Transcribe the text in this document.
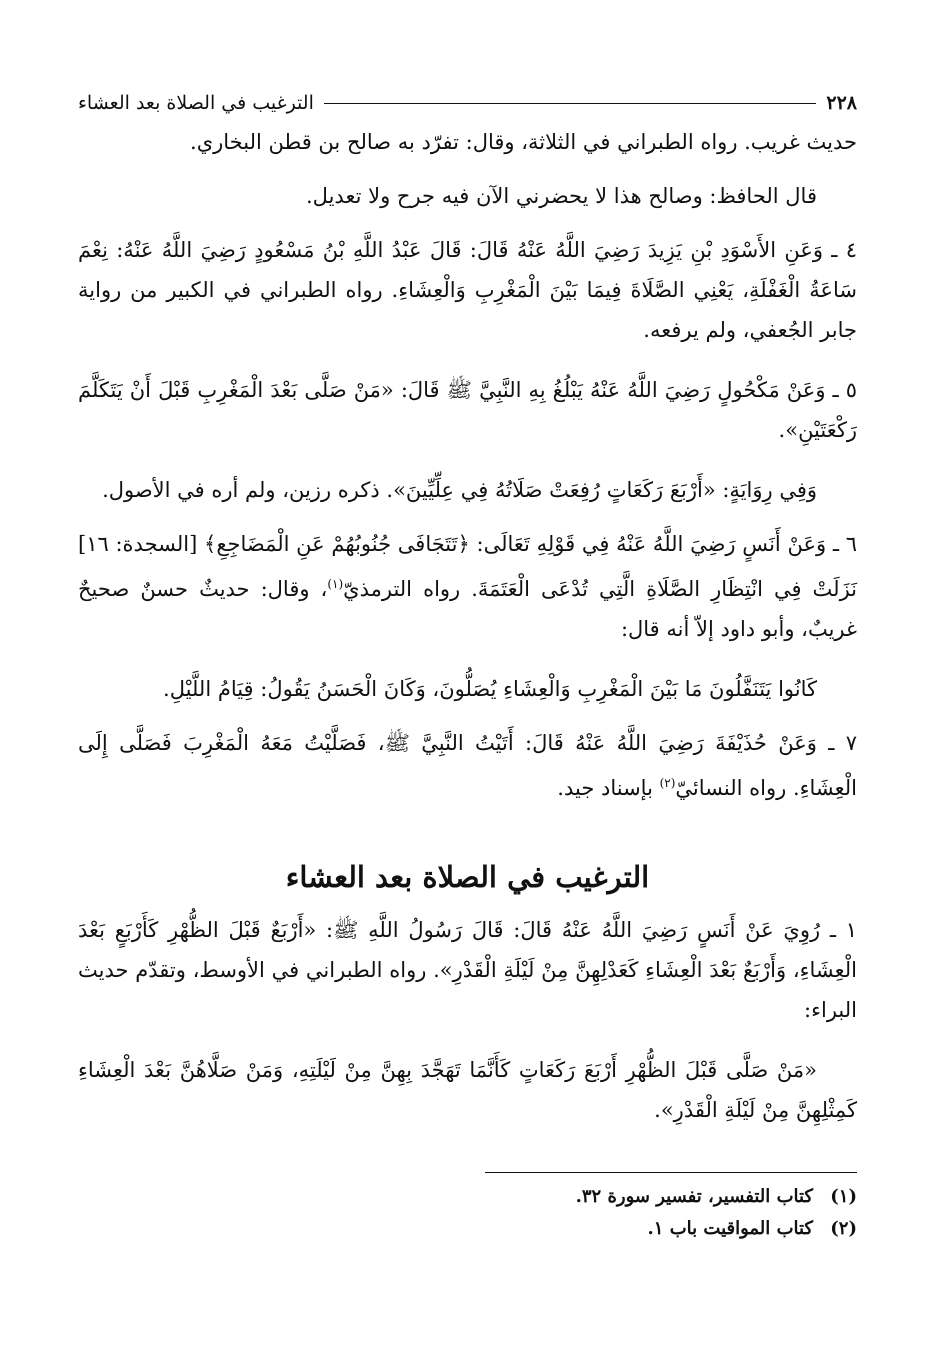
٢٢٨
الترغيب في الصلاة بعد العشاء

حديث غريب. رواه الطبراني في الثلاثة، وقال: تفرّد به صالح بن قطن البخاري.

قال الحافظ: وصالح هذا لا يحضرني الآن فيه جرح ولا تعديل.

٤ ـ وَعَنِ الأَسْوَدِ بْنِ يَزِيدَ رَضِيَ اللَّهُ عَنْهُ قَالَ: قَالَ عَبْدُ اللَّهِ بْنُ مَسْعُودٍ رَضِيَ اللَّهُ عَنْهُ: نِعْمَ سَاعَةُ الْغَفْلَةِ، يَعْنِي الصَّلَاةَ فِيمَا بَيْنَ الْمَغْرِبِ وَالْعِشَاءِ. رواه الطبراني في الكبير من رواية جابر الجُعفي، ولم يرفعه.

٥ ـ وَعَنْ مَكْحُولٍ رَضِيَ اللَّهُ عَنْهُ يَبْلُغُ بِهِ النَّبِيَّ ﷺ قَالَ: «مَنْ صَلَّى بَعْدَ الْمَغْرِبِ قَبْلَ أَنْ يَتَكَلَّمَ رَكْعَتَيْنِ».

وَفِي رِوَايَةٍ: «أَرْبَعَ رَكَعَاتٍ رُفِعَتْ صَلَاتُهُ فِي عِلِّيِّينَ». ذكره رزين، ولم أره في الأصول.

٦ ـ وَعَنْ أَنَسٍ رَضِيَ اللَّهُ عَنْهُ فِي قَوْلِهِ تَعَالَى: ﴿تَتَجَافَى جُنُوبُهُمْ عَنِ الْمَضَاجِعِ﴾ [السجدة: ١٦] نَزَلَتْ فِي انْتِظَارِ الصَّلَاةِ الَّتِي تُدْعَى الْعَتَمَةَ. رواه الترمذيّ$^{(١)}$، وقال: حديثٌ حسنٌ صحيحٌ غريبٌ، وأبو داود إلاّ أنه قال:

كَانُوا يَتَنَفَّلُونَ مَا بَيْنَ الْمَغْرِبِ وَالْعِشَاءِ يُصَلُّونَ، وَكَانَ الْحَسَنُ يَقُولُ: قِيَامُ اللَّيْلِ.

٧ ـ وَعَنْ حُذَيْفَةَ رَضِيَ اللَّهُ عَنْهُ قَالَ: أَتَيْتُ النَّبِيَّ ﷺ، فَصَلَّيْتُ مَعَهُ الْمَغْرِبَ فَصَلَّى إِلَى الْعِشَاءِ. رواه النسائيّ$^{(٢)}$ بإسناد جيد.

الترغيب في الصلاة بعد العشاء

١ ـ رُوِيَ عَنْ أَنَسٍ رَضِيَ اللَّهُ عَنْهُ قَالَ: قَالَ رَسُولُ اللَّهِ ﷺ: «أَرْبَعٌ قَبْلَ الظُّهْرِ كَأَرْبَعٍ بَعْدَ الْعِشَاءِ، وَأَرْبَعٌ بَعْدَ الْعِشَاءِ كَعَدْلِهِنَّ مِنْ لَيْلَةِ الْقَدْرِ». رواه الطبراني في الأوسط، وتقدّم حديث البراء:

«مَنْ صَلَّى قَبْلَ الظُّهْرِ أَرْبَعَ رَكَعَاتٍ كَأَنَّمَا تَهَجَّدَ بِهِنَّ مِنْ لَيْلَتِهِ، وَمَنْ صَلَّاهُنَّ بَعْدَ الْعِشَاءِ كَمِثْلِهِنَّ مِنْ لَيْلَةِ الْقَدْرِ».

(١)
كتاب التفسير، تفسير سورة ٣٢.
(٢)
كتاب المواقيت باب ١.
